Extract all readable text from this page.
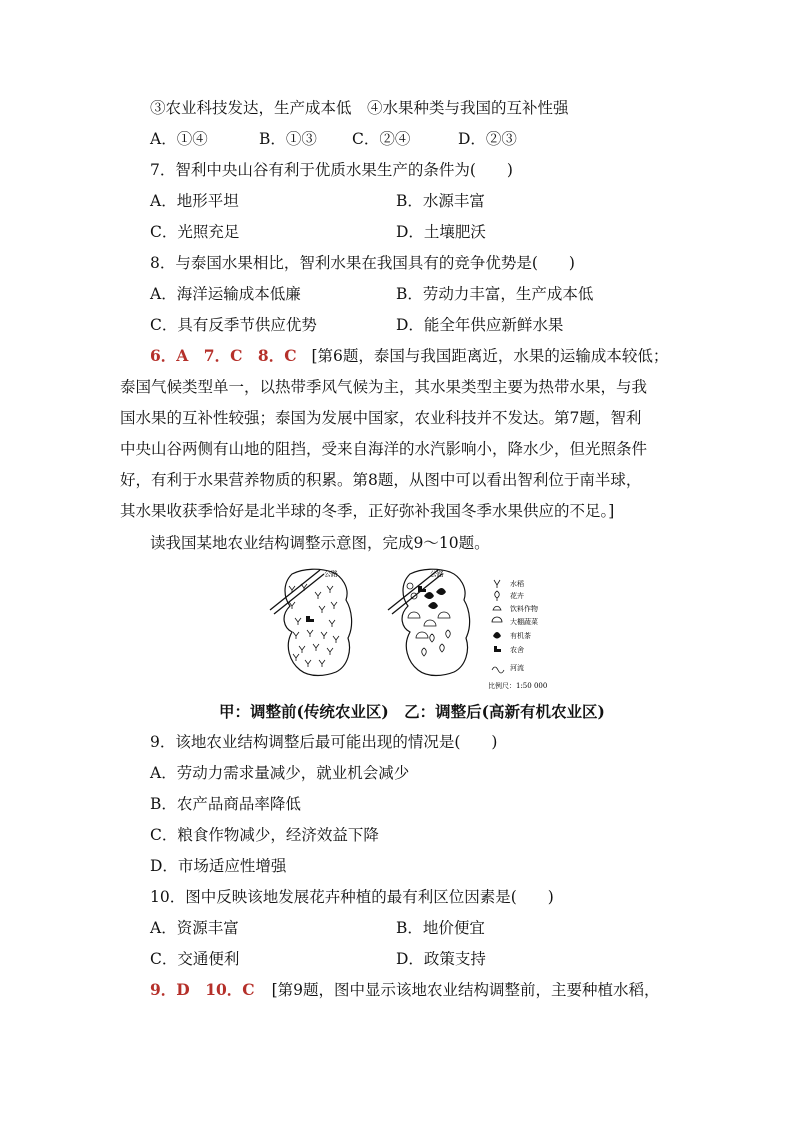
③农业科技发达，生产成本低　④水果种类与我国的互补性强
A．①④	B．①③ C．②④	D．②③
7．智利中央山谷有利于优质水果生产的条件为(　　)
A．地形平坦	B．水源丰富
C．光照充足	D．土壤肥沃
8．与泰国水果相比，智利水果在我国具有的竞争优势是(　　)
A．海洋运输成本低廉	B．劳动力丰富，生产成本低
C．具有反季节供应优势	D．能全年供应新鲜水果
6．A　7．C　8．C [第6题，泰国与我国距离近，水果的运输成本较低；
泰国气候类型单一，以热带季风气候为主，其水果类型主要为热带水果，与我
国水果的互补性较强；泰国为发展中国家，农业科技并不发达。第7题，智利
中央山谷两侧有山地的阻挡，受来自海洋的水汽影响小，降水少，但光照条件
好，有利于水果营养物质的积累。第8题，从图中可以看出智利位于南半球，
其水果收获季恰好是北半球的冬季，正好弥补我国冬季水果供应的不足。]
读我国某地农业结构调整示意图，完成9～10题。
公路	公路
水稻
花卉
饮料作物
大棚蔬菜
有机茶
农舍
河流
比例尺：1:50 000
甲：调整前(传统农业区)　乙：调整后(高新有机农业区)
9．该地农业结构调整后最可能出现的情况是(　　)
A．劳动力需求量减少，就业机会减少
B．农产品商品率降低
C．粮食作物减少，经济效益下降
D．市场适应性增强
10．图中反映该地发展花卉种植的最有利区位因素是(　　)
A．资源丰富	B．地价便宜
C．交通便利	D．政策支持
9．D　10．C [第9题，图中显示该地农业结构调整前，主要种植水稻，
